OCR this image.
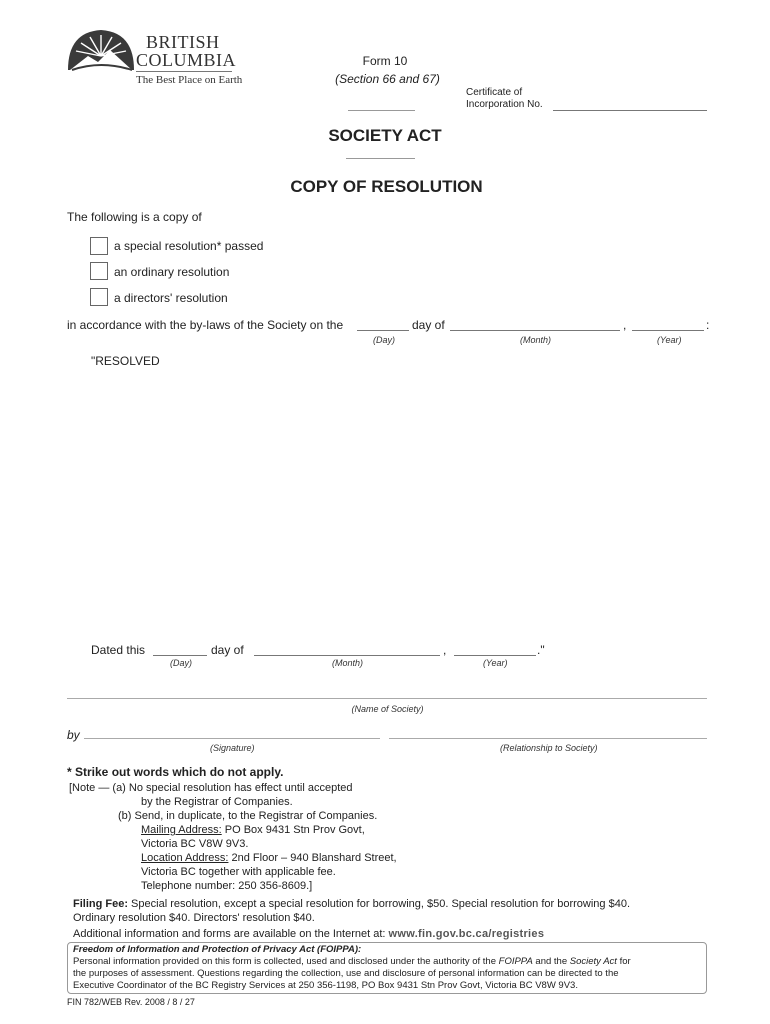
BRITISH
COLUMBIA
The Best Place on Earth
Form 10
(Section 66 and 67)
Certificate of
Incorporation No.
SOCIETY ACT
COPY OF RESOLUTION
The following is a copy of
a special resolution* passed
an ordinary resolution
a directors' resolution
in accordance with the by-laws of the Society on the	day of	,	:
(Day)	(Month)	(Year)
"RESOLVED
Dated this	day of	,	."
(Day)	(Month)	(Year)
(Name of Society)
by
(Signature)	(Relationship to Society)
* Strike out words which do not apply.
[Note — (a) No special resolution has effect until accepted
by the Registrar of Companies.
(b) Send, in duplicate, to the Registrar of Companies.
Mailing Address: PO Box 9431 Stn Prov Govt,
Victoria BC V8W 9V3.
Location Address: 2nd Floor – 940 Blanshard Street,
Victoria BC together with applicable fee.
Telephone number: 250 356-8609.]
Filing Fee: Special resolution, except a special resolution for borrowing, $50. Special resolution for borrowing $40.
Ordinary resolution $40. Directors' resolution $40.
Additional information and forms are available on the Internet at: www.fin.gov.bc.ca/registries
Freedom of Information and Protection of Privacy Act (FOIPPA):
Personal information provided on this form is collected, used and disclosed under the authority of the FOIPPA and the Society Act for
the purposes of assessment. Questions regarding the collection, use and disclosure of personal information can be directed to the
Executive Coordinator of the BC Registry Services at 250 356-1198, PO Box 9431 Stn Prov Govt, Victoria BC V8W 9V3.
FIN 782/WEB Rev. 2008 / 8 / 27
